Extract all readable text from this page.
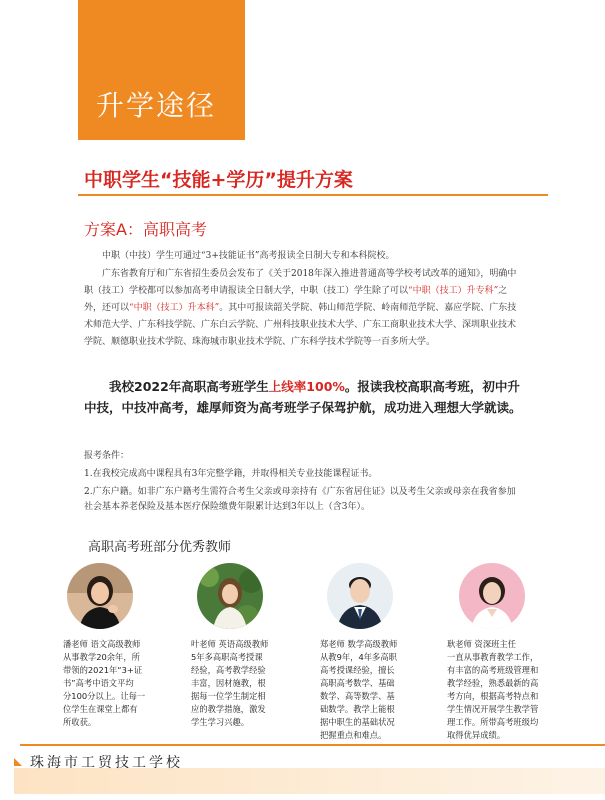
升学途径
中职学生“技能+学历”提升方案
方案A：高职高考
中职（中技）学生可通过“3+技能证书”高考报读全日制大专和本科院校。
广东省教育厅和广东省招生委员会发布了《关于2018年深入推进普通高等学校考试改革的通知》，明确中职（技工）学校都可以参加高考申请报读全日制大学，中职（技工）学生除了可以“中职（技工）升专科”之外，还可以“中职（技工）升本科”。其中可报读韶关学院、韩山师范学院、岭南师范学院、嘉应学院、广东技术师范大学、广东科技学院、广东白云学院、广州科技职业技术大学、广东工商职业技术大学、深圳职业技术学院、顺德职业技术学院、珠海城市职业技术学院、广东科学技术学院等一百多所大学。
我校2022年高职高考班学生上线率100%。报读我校高职高考班，初中升中技，中技冲高考，雄厚师资为高考班学子保驾护航，成功进入理想大学就读。
报考条件：
1.在我校完成高中课程具有3年完整学籍，并取得相关专业技能课程证书。
2.广东户籍。如非广东户籍考生需符合考生父亲或母亲持有《广东省居住证》以及考生父亲或母亲在我省参加社会基本养老保险及基本医疗保险缴费年限累计达到3年以上（含3年）。
高职高考班部分优秀教师
潘老师 语文高级教师
从事教学20余年，所
带领的2021年“3+证
书”高考中语文平均
分100分以上。让每一
位学生在课堂上都有
所收获。
叶老师 英语高级教师
5年多高职高考授课
经验，高考教学经验
丰富，因材施教，根
据每一位学生制定相
应的教学措施，激发
学生学习兴趣。
郑老师 数学高级教师
从教9年，4年多高职
高考授课经验，擅长
高职高考数学、基础
数学、高等数学、基
础数学。教学上能根
据中职生的基础状况
把握重点和难点。
耿老师 资深班主任
一直从事教育教学工作，
有丰富的高考班级管理和
教学经验，熟悉最新的高
考方向，根据高考特点和
学生情况开展学生教学管
理工作。所带高考班级均
取得优异成绩。
珠海市工贸技工学校
